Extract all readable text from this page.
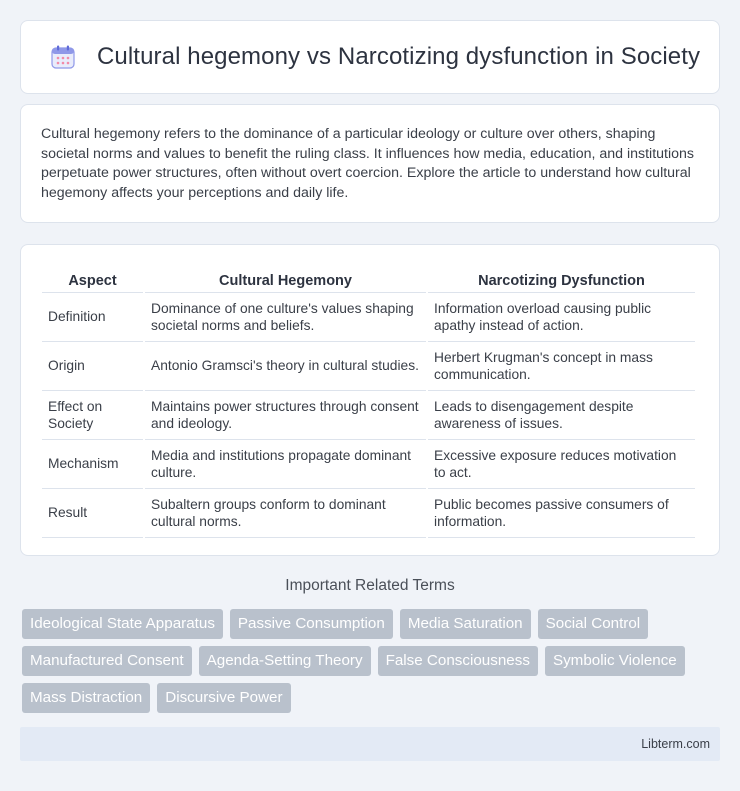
Cultural hegemony vs Narcotizing dysfunction in Society

Cultural hegemony refers to the dominance of a particular ideology or culture over others, shaping societal norms and values to benefit the ruling class. It influences how media, education, and institutions perpetuate power structures, often without overt coercion. Explore the article to understand how cultural hegemony affects your perceptions and daily life.

Aspect	Cultural Hegemony	Narcotizing Dysfunction
Definition	Dominance of one culture's values shaping societal norms and beliefs.	Information overload causing public apathy instead of action.
Origin	Antonio Gramsci's theory in cultural studies.	Herbert Krugman's concept in mass communication.
Effect on Society	Maintains power structures through consent and ideology.	Leads to disengagement despite awareness of issues.
Mechanism	Media and institutions propagate dominant culture.	Excessive exposure reduces motivation to act.
Result	Subaltern groups conform to dominant cultural norms.	Public becomes passive consumers of information.
Important Related Terms
Ideological State Apparatus	Passive Consumption	Media Saturation	Social Control
Manufactured Consent	Agenda-Setting Theory	False Consciousness	Symbolic Violence
Mass Distraction	Discursive Power
Libterm.com
